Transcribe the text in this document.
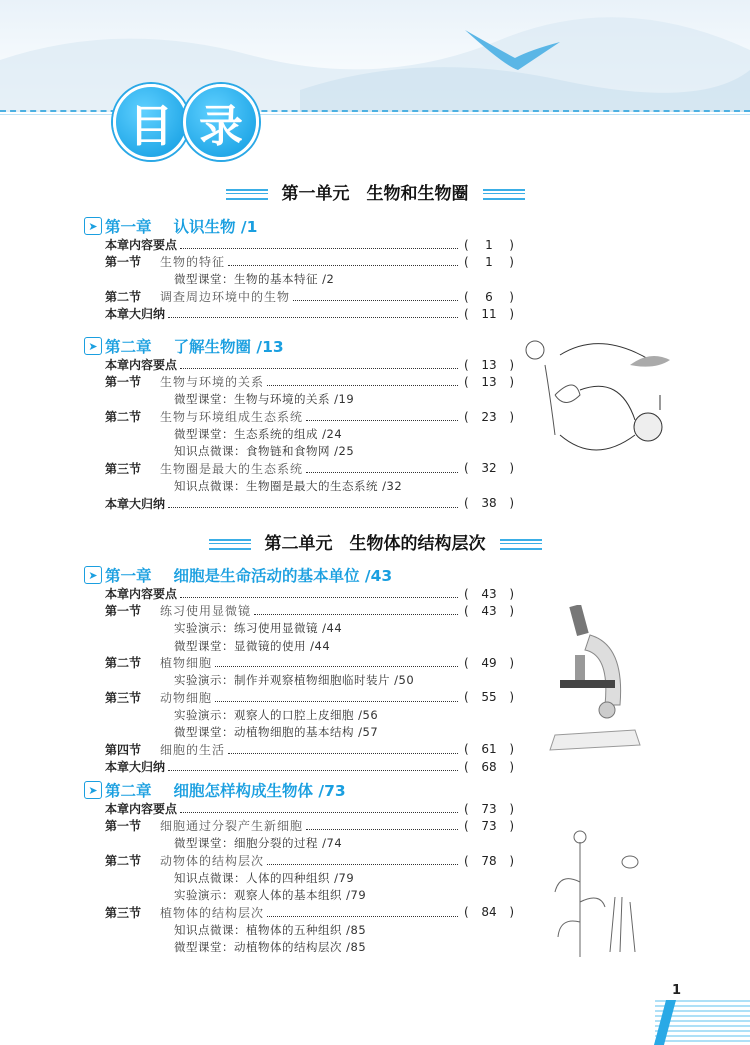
目 录
第一单元　生物和生物圈
➤ 第一章 认识生物 /1
本章内容要点	( 1 )
第一节	生物的特征	( 1 )
微型课堂：生物的基本特征 /2
第二节	调查周边环境中的生物	( 6 )
本章大归纳	( 11 )
➤ 第二章 了解生物圈 /13
本章内容要点	( 13 )
第一节	生物与环境的关系	( 13 )
微型课堂：生物与环境的关系 /19
第二节	生物与环境组成生态系统	( 23 )
微型课堂：生态系统的组成 /24
知识点微课：食物链和食物网 /25
第三节	生物圈是最大的生态系统	( 32 )
知识点微课：生物圈是最大的生态系统 /32
本章大归纳	( 38 )
第二单元　生物体的结构层次
➤ 第一章 细胞是生命活动的基本单位 /43
本章内容要点	( 43 )
第一节	练习使用显微镜	( 43 )
实验演示：练习使用显微镜 /44
微型课堂：显微镜的使用 /44
第二节	植物细胞	( 49 )
实验演示：制作并观察植物细胞临时装片 /50
第三节	动物细胞	( 55 )
实验演示：观察人的口腔上皮细胞 /56
微型课堂：动植物细胞的基本结构 /57
第四节	细胞的生活	( 61 )
本章大归纳	( 68 )
➤ 第二章 细胞怎样构成生物体 /73
本章内容要点	( 73 )
第一节	细胞通过分裂产生新细胞	( 73 )
微型课堂：细胞分裂的过程 /74
第二节	动物体的结构层次	( 78 )
知识点微课：人体的四种组织 /79
实验演示：观察人体的基本组织 /79
第三节	植物体的结构层次	( 84 )
知识点微课：植物体的五种组织 /85
微型课堂：动植物体的结构层次 /85
1
